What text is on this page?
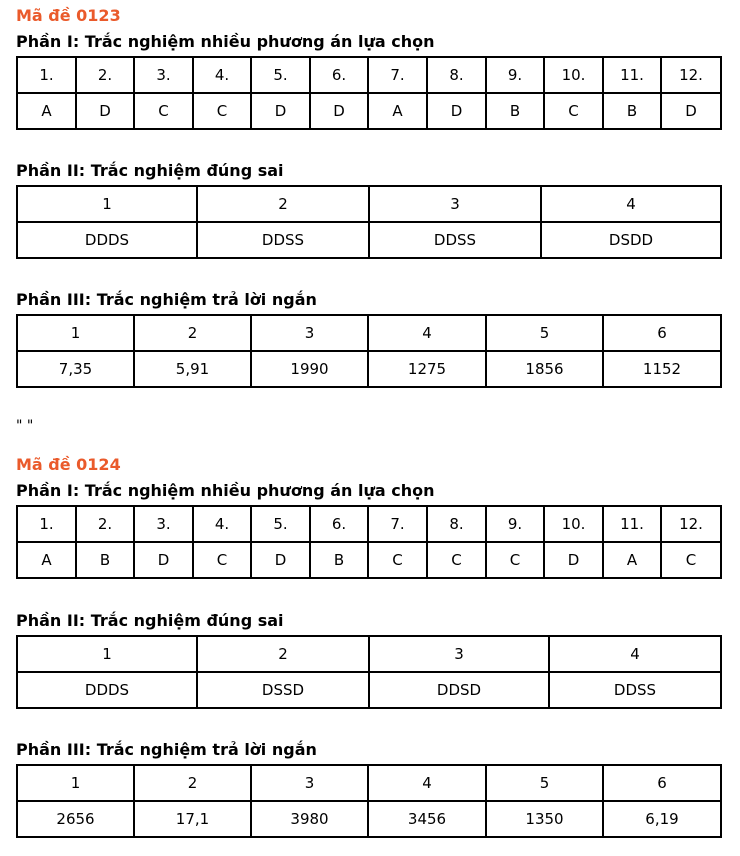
Mã đề 0123

Phần I: Trắc nghiệm nhiều phương án lựa chọn

1.	2.	3.	4.	5.	6.	7.	8.	9.	10.	11.	12.
A	D	C	C	D	D	A	D	B	C	B	D

Phần II: Trắc nghiệm đúng sai

1	2	3	4
DDDS	DDSS	DDSS	DSDD

Phần III: Trắc nghiệm trả lời ngắn

1	2	3	4	5	6
7,35	5,91	1990	1275	1856	1152

" "

Mã đề 0124

Phần I: Trắc nghiệm nhiều phương án lựa chọn

1.	2.	3.	4.	5.	6.	7.	8.	9.	10.	11.	12.
A	B	D	C	D	B	C	C	C	D	A	C

Phần II: Trắc nghiệm đúng sai

1	2	3	4
DDDS	DSSD	DDSD	DDSS

Phần III: Trắc nghiệm trả lời ngắn

1	2	3	4	5	6
2656	17,1	3980	3456	1350	6,19
